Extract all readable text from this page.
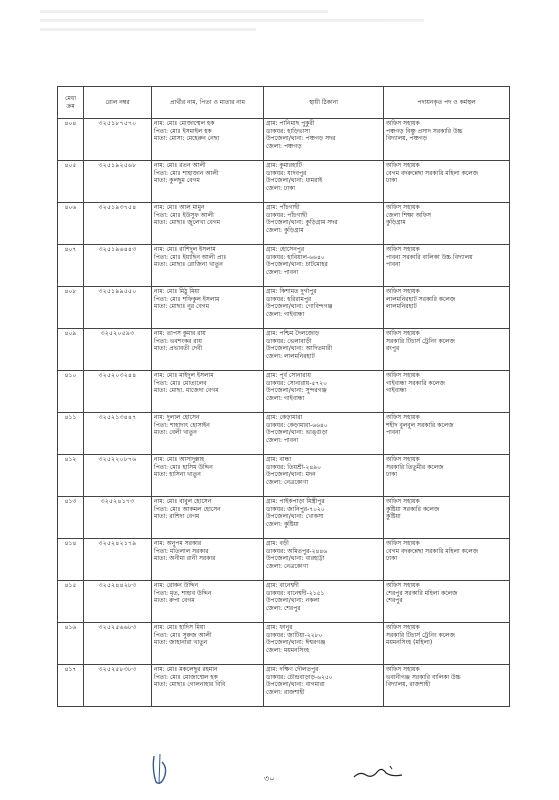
মেধা ক্রম	রোল নম্বর	প্রার্থীর নাম, পিতা ও মাতার নাম	স্থায়ী ঠিকানা	পদায়নকৃত পদ ও কর্মস্থল
৪০৪	৩২৫১৮৭৫৭০	নাম: মোঃ মোজাম্মেল হক
পিতা: মোঃ ইসমাইল হক
মাতা: মোসা: মেহেরুন নেছা	গ্রাম: পানিমাছ পুকুরী
ডাকঘর: হাড়িভাসা
উপজেলা/থানা: পঞ্চগড় সদর
জেলা: পঞ্চগড়	অফিস সহায়ক
পঞ্চগড় বিষ্ণু প্রসাদ সরকারি উচ্চ
বিদ্যালয়, পঞ্চগড়

৪০৫	৩২৫১৯২৫৬৮	নাম: মোঃ রতন আলী
পিতা: মোঃ শাহাজান আলী
মাতা: কুলছুম বেগম	গ্রাম: কুমারহাটি
ডাকঘর: যাদবপুর
উপজেলা/থানা: ধামরাই
জেলা: ঢাকা	অফিস সহায়ক
বেগম বদরুন্নেছা সরকারি মহিলা কলেজ
ঢাকা

৪০৬	৩২৫১৯৩৭৫৪	নাম: মোঃ আল মামুন
পিতা: মোঃ ইউসুফ আলী
মাতা: মোছাঃ জুলেখা বেগম	গ্রাম: পাঁচগাছী
ডাকঘর: পাঁচগাছী
উপজেলা/থানা: কুড়িগ্রাম সদর
জেলা: কুড়িগ্রাম	অফিস সহায়ক
জেলা শিক্ষা অফিস
কুড়িগ্রাম

৪০৭	৩২৫১৯৬৪৪৩	নাম: মোঃ রাশিদুল ইসলাম
পিতা: মোঃ ইয়াছিন আলী প্রাঃ
মাতা: মোছাঃ রোজিনা খাতুন	গ্রাম: হোসেনপুর
ডাকঘর: হাবিয়াল-৬৬৪০
উপজেলা/থানা: চাটমোহর
জেলা: পাবনা	অফিস সহায়ক
পাবনা সরকারি বালিকা উচ্চ বিদ্যালয়
পাবনা

৪০৮	৩২৫১৯৯৫৫০	নাম: মোঃ মিঠু মিয়া
পিতা: মোঃ শফিকুল ইসলাম
মাতা: মোছাঃ নুর বেগম	গ্রাম: কিশামত দুর্গাপুর
ডাকঘর: হরিরামপুর
উপজেলা/থানা: গোবিন্দগঞ্জ
জেলা: গাইবান্ধা	অফিস সহায়ক
লালমনিরহাট সরকারি কলেজ
লালমনিরহাট

৪০৯	৩২৫২০৫৯৩	নাম: তাপস কুমার রায়
পিতা: ভবশংকর রায়
মাতা: প্রভাবতী দেবী	গ্রাম: পশ্চিম দৈলজোড়
ডাকঘর: ভেলাবাড়ী
উপজেলা/থানা: আদিতমারী
জেলা: লালমনিরহাট	অফিস সহায়ক
সরকারি টিচার্স ট্রেনিং কলেজ
রংপুর

৪১০	৩২৫২০৩২৪৪	নাম: মোঃ মাইদুল ইসলাম
পিতা: মোঃ মোতালেব
মাতা: মোছা. মাজেদা বেগম	গ্রাম: পূর্ব সোনারায়
ডাকঘর: সোনারায়-৫৭২০
উপজেলা/থানা: সুন্দরগঞ্জ
জেলা: গাইবান্ধা	অফিস সহায়ক
গাইবান্ধা সরকারি কলেজ
গাইবান্ধা

৪১১	৩২৫২১৩৪৪৭	নাম: দুলাল হোসেন
পিতা: শাহাদাৎ হোসাইন
মাতা: বেলী খাতুন	গ্রাম: কেড়ামারা
ডাকঘর: কেড়ামারা-৬৬৪০
উপজেলা/থানা: ভাঙ্গুড়া
জেলা: পাবনা	অফিস সহায়ক
শহীদ বুলবুল সরকারি কলেজ
পাবনা

৪১২	৩২৫২২০৮৭৬	নাম: মোঃ আসাদুল্লাহ
পিতা: মোঃ হাসিম উদ্দিন
মাতা: হাসিনা খাতুন	গ্রাম: বান্ধা
ডাকঘর: তিয়শ্রী-২৪৯০
উপজেলা/থানা: মদন
জেলা: নেত্রকোণা	অফিস সহায়ক
সরকারি তিতুমীর কলেজ
ঢাকা

৪১৩	৩২৫২৪১৭৩	নাম: মোঃ বাবুল হোসেন
পিতা: মোঃ আকমল হোসেন
মাতা: রাশিদা বেগম	গ্রাম: পাইকপাড়া মিস্ত্রীপুর
ডাকঘর: জানিপুর-৭০২০
উপজেলা/থানা: খোকসা
জেলা: কুষ্টিয়া	অফিস সহায়ক
কুষ্টিয়া সরকারি কলেজ
কুষ্টিয়া

৪১৪	৩২৫২৪২১৭৯	নাম: অনুপম সরকার
পিতা: মতিলাল সরকার
মাতা: অনীমা রানী সরকার	গ্রাম: বড়ী
ডাকঘর: অমিতপুর-২৪৪৬
উপজেলা/থানা: বারহাট্টা
জেলা: নেত্রকোণা	অফিস সহায়ক
বেগম বদরুন্নেছা সরকারি মহিলা কলেজ
ঢাকা

৪১৫	৩২৫২৪৪২৮৩	নাম: রোকন উদ্দিন
পিতা: মৃত, শাহাব উদ্দিন
মাতা: রুপা বেগম	গ্রাম: বানেশ্বদী
ডাকঘর: বানেশ্বদী-২১৫১
উপজেলা/থানা: নকলা
জেলা: শেরপুর	অফিস সহায়ক
শেরপুর সরকারি মহিলা কলেজ
শেরপুর

৪১৬	৩২৫২৫৬৬৮৩	নাম: মোঃ হাদিস মিয়া
পিতা: মোঃ সুরুজ আলী
মাতা: জাহানারা খাতুন	গ্রাম: ফানুর
ডাকঘর: জাটিয়া-২২৮০
উপজেলা/থানা: ঈশ্বরগঞ্জ
জেলা: ময়মনসিংহ	অফিস সহায়ক
সরকারি টিচার্স ট্রেনিং কলেজ
ময়মনসিংহ (মহিলা)

৪১৭	৩২৫২৫৮৩৮৩	নাম: মোঃ মকলেছুর রহমান
পিতা: মোঃ মোজাম্মেল হক
মাতা: মোছাঃ গোলনাহার বিবি	গ্রাম: দক্ষিণ দৌলতপুর
ডাকঘর: চৌন্দ্রবাড়াড়-৬২৫০
উপজেলা/থানা: বাগমারা
জেলা: রাজশাহী	অফিস সহায়ক
ভবানীগঞ্জ সরকারি বালিকা উচ্চ
বিদ্যালয়, রাজশাহী
৩০
